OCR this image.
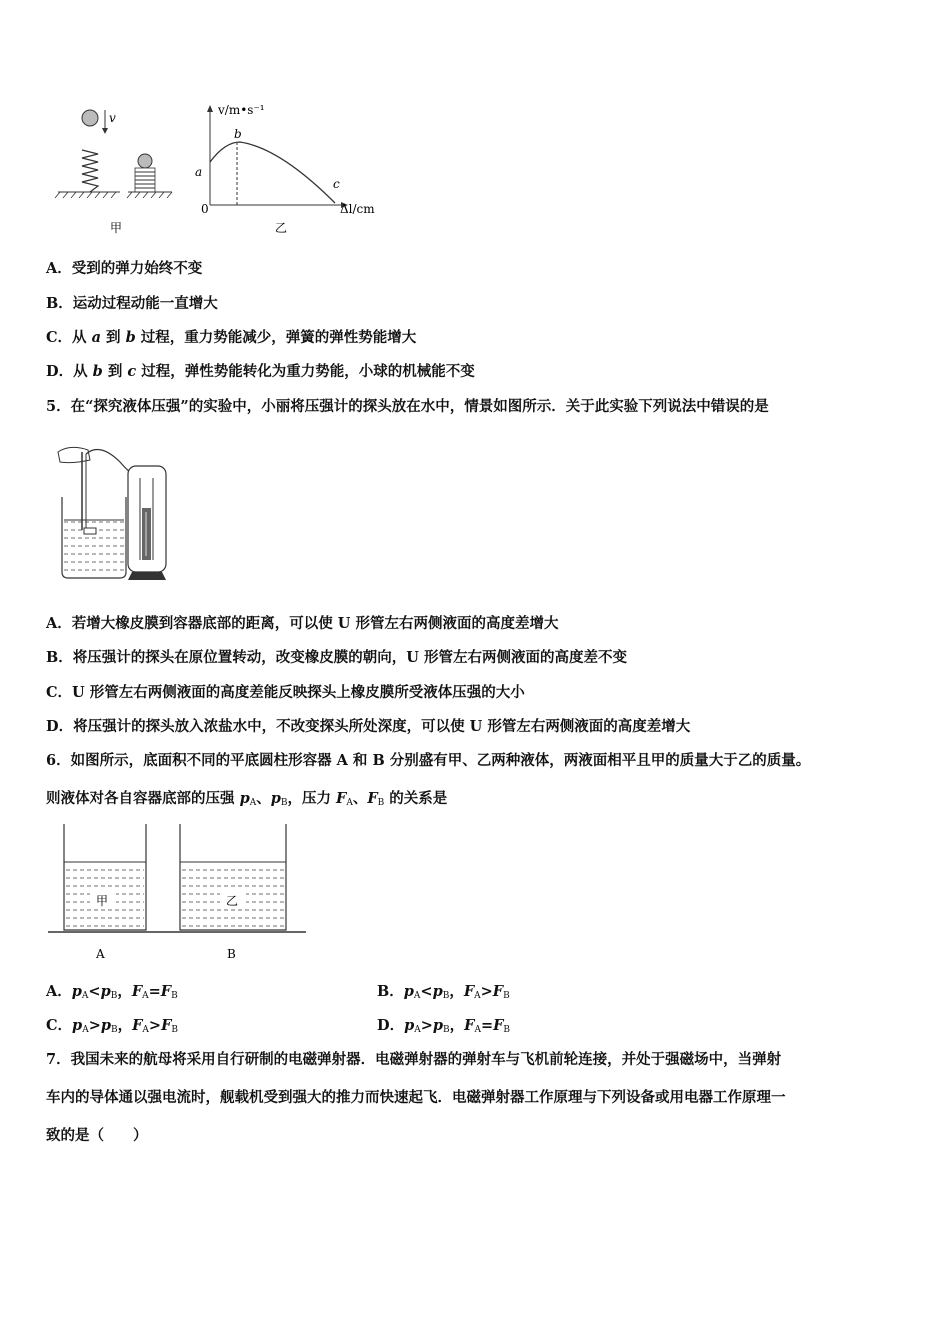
v
甲
v/m•s⁻¹
Δl/cm
0
a
b
c
乙
A．受到的弹力始终不变
B．运动过程动能一直增大
C．从 a 到 b 过程，重力势能减少，弹簧的弹性势能增大
D．从 b 到 c 过程，弹性势能转化为重力势能，小球的机械能不变
5．在“探究液体压强”的实验中，小丽将压强计的探头放在水中，情景如图所示．关于此实验下列说法中错误的是
A．若增大橡皮膜到容器底部的距离，可以使 U 形管左右两侧液面的高度差增大
B．将压强计的探头在原位置转动，改变橡皮膜的朝向，U 形管左右两侧液面的高度差不变
C．U 形管左右两侧液面的高度差能反映探头上橡皮膜所受液体压强的大小
D．将压强计的探头放入浓盐水中，不改变探头所处深度，可以使 U 形管左右两侧液面的高度差增大
6．如图所示，底面积不同的平底圆柱形容器 A 和 B 分别盛有甲、乙两种液体，两液面相平且甲的质量大于乙的质量。
则液体对各自容器底部的压强 $p_A$、$p_B$，压力 $F_A$、$F_B$ 的关系是
甲	乙
A	B
A．$p_A<p_B$，$F_A=F_B$	B．$p_A<p_B$，$F_A>F_B$
C．$p_A>p_B$，$F_A>F_B$	D．$p_A>p_B$，$F_A=F_B$
7．我国未来的航母将采用自行研制的电磁弹射器．电磁弹射器的弹射车与飞机前轮连接，并处于强磁场中，当弹射
车内的导体通以强电流时，舰载机受到强大的推力而快速起飞．电磁弹射器工作原理与下列设备或用电器工作原理一
致的是（　　）
